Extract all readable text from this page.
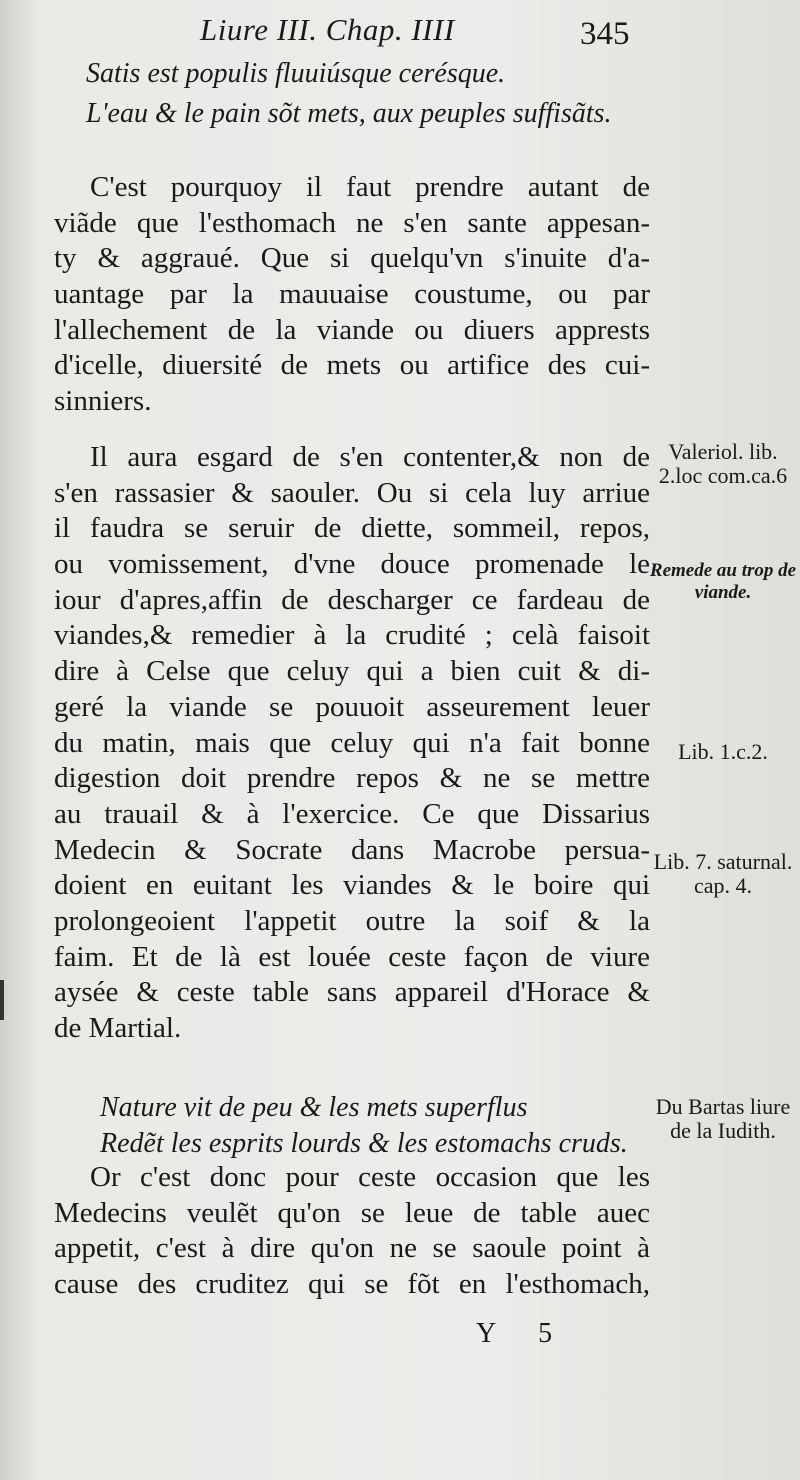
Liure III. Chap. IIII	345
Satis est populis fluuiúsque cerésque.
L'eau & le pain sõt mets, aux peuples suffisãts.
C'est pourquoy il faut prendre autant de
viãde que l'esthomach ne s'en sante appesan-
ty & aggraué. Que si quelqu'vn s'inuite d'a-
uantage par la mauuaise coustume, ou par
l'allechement de la viande ou diuers apprests
d'icelle, diuersité de mets ou artifice des cui-
sinniers.
Il aura esgard de s'en contenter,& non de
s'en rassasier & saouler. Ou si cela luy arriue
il faudra se seruir de diette, sommeil, repos,
ou vomissement, d'vne douce promenade le
iour d'apres,affin de descharger ce fardeau de
viandes,& remedier à la crudité ; celà faisoit
dire à Celse que celuy qui a bien cuit & di-
geré la viande se pouuoit asseurement leuer
du matin, mais que celuy qui n'a fait bonne
digestion doit prendre repos & ne se mettre
au trauail & à l'exercice. Ce que Dissarius
Medecin & Socrate dans Macrobe persua-
doient en euitant les viandes & le boire qui
prolongeoient l'appetit outre la soif & la
faim. Et de là est louée ceste façon de viure
aysée & ceste table sans appareil d'Horace &
de Martial.
Nature vit de peu & les mets superflus
Redẽt les esprits lourds & les estomachs cruds.
Or c'est donc pour ceste occasion que les
Medecins veulẽt qu'on se leue de table auec
appetit, c'est à dire qu'on ne se saoule point à
cause des cruditez qui se fõt en l'esthomach,
Valeriol. lib. 2.loc com.ca.6
Remede au trop de viande.
Lib. 1.c.2.
Lib. 7. saturnal. cap. 4.
Du Bartas liure de la Iudith.
Y 5
